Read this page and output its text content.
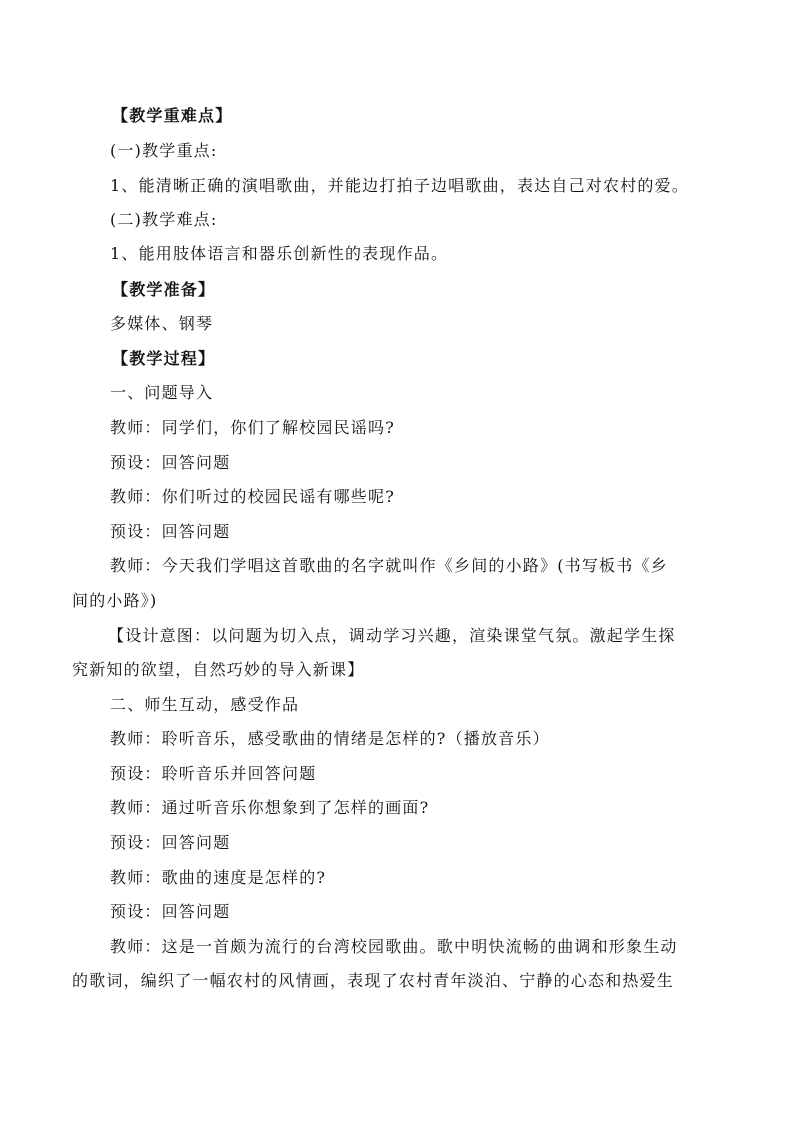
【教学重难点】
(一)教学重点:
1、能清晰正确的演唱歌曲，并能边打拍子边唱歌曲，表达自己对农村的爱。
(二)教学难点:
1、能用肢体语言和器乐创新性的表现作品。
【教学准备】
多媒体、钢琴
【教学过程】
一、问题导入
教师：同学们，你们了解校园民谣吗?
预设：回答问题
教师：你们听过的校园民谣有哪些呢?
预设：回答问题
教师：今天我们学唱这首歌曲的名字就叫作《乡间的小路》(书写板书《乡
间的小路》)
【设计意图：以问题为切入点，调动学习兴趣，渲染课堂气氛。激起学生探
究新知的欲望，自然巧妙的导入新课】
二、师生互动，感受作品
教师：聆听音乐，感受歌曲的情绪是怎样的?（播放音乐）
预设：聆听音乐并回答问题
教师：通过听音乐你想象到了怎样的画面?
预设：回答问题
教师：歌曲的速度是怎样的?
预设：回答问题
教师：这是一首颇为流行的台湾校园歌曲。歌中明快流畅的曲调和形象生动
的歌词，编织了一幅农村的风情画，表现了农村青年淡泊、宁静的心态和热爱生
